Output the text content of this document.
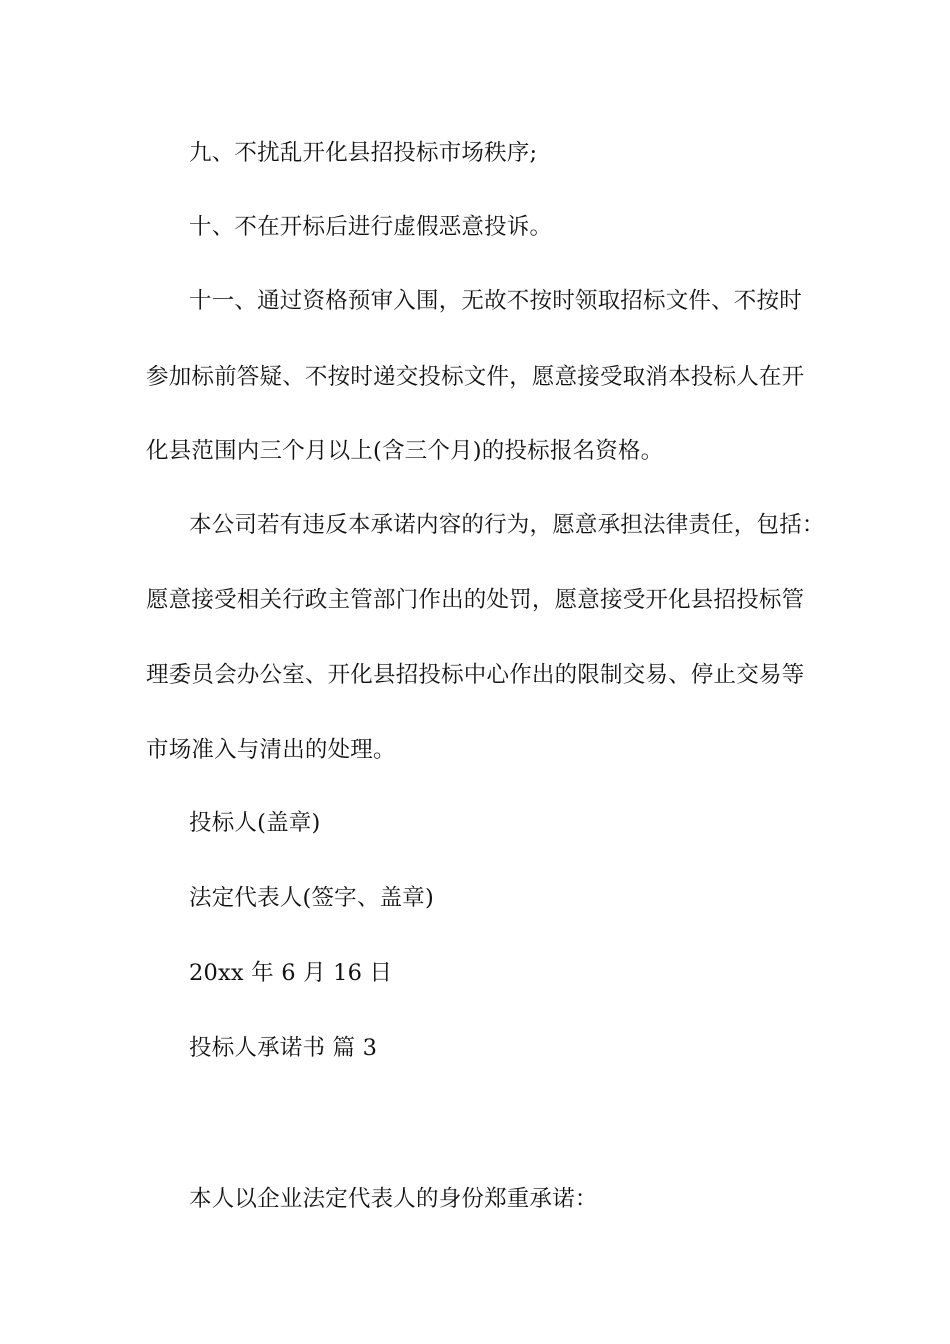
九、不扰乱开化县招投标市场秩序;
十、不在开标后进行虚假恶意投诉。
十一、通过资格预审入围，无故不按时领取招标文件、不按时
参加标前答疑、不按时递交投标文件，愿意接受取消本投标人在开
化县范围内三个月以上(含三个月)的投标报名资格。
本公司若有违反本承诺内容的行为，愿意承担法律责任，包括：
愿意接受相关行政主管部门作出的处罚，愿意接受开化县招投标管
理委员会办公室、开化县招投标中心作出的限制交易、停止交易等
市场准入与清出的处理。
投标人(盖章)
法定代表人(签字、盖章)
20xx 年 6 月 16 日
投标人承诺书 篇 3
本人以企业法定代表人的身份郑重承诺：
